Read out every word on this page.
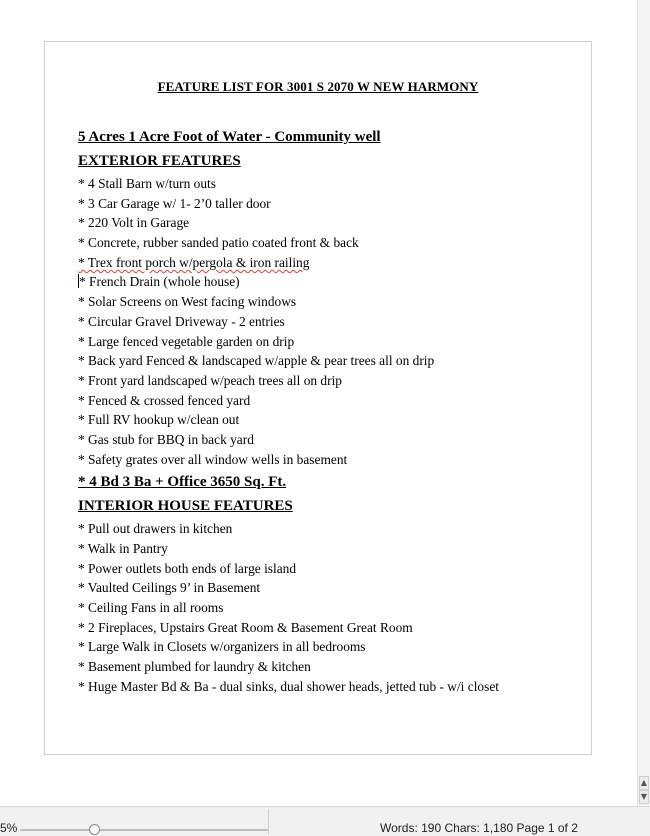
FEATURE LIST FOR 3001 S 2070 W NEW HARMONY
5 Acres 1 Acre Foot of Water - Community well
EXTERIOR FEATURES
* 4 Stall Barn w/turn outs
* 3 Car Garage w/ 1- 2’0 taller door
* 220 Volt in Garage
* Concrete, rubber sanded patio coated front & back
* Trex front porch w/pergola & iron railing
* French Drain (whole house)
* Solar Screens on West facing windows
* Circular Gravel Driveway - 2 entries
* Large fenced vegetable garden on drip
* Back yard Fenced & landscaped w/apple & pear trees all on drip
* Front yard landscaped w/peach trees all on drip
* Fenced & crossed fenced yard
* Full RV hookup w/clean out
* Gas stub for BBQ in back yard
* Safety grates over all window wells in basement
* 4 Bd 3 Ba + Office 3650 Sq. Ft.
INTERIOR HOUSE FEATURES
* Pull out drawers in kitchen
* Walk in Pantry
* Power outlets both ends of large island
* Vaulted Ceilings 9’ in Basement
* Ceiling Fans in all rooms
* 2 Fireplaces, Upstairs Great Room & Basement Great Room
* Large Walk in Closets w/organizers in all bedrooms
* Basement plumbed for laundry & kitchen
* Huge Master Bd & Ba - dual sinks, dual shower heads, jetted tub - w/i closet
▲
▼
5%	Words: 190 Chars: 1,180 Page 1 of 2
